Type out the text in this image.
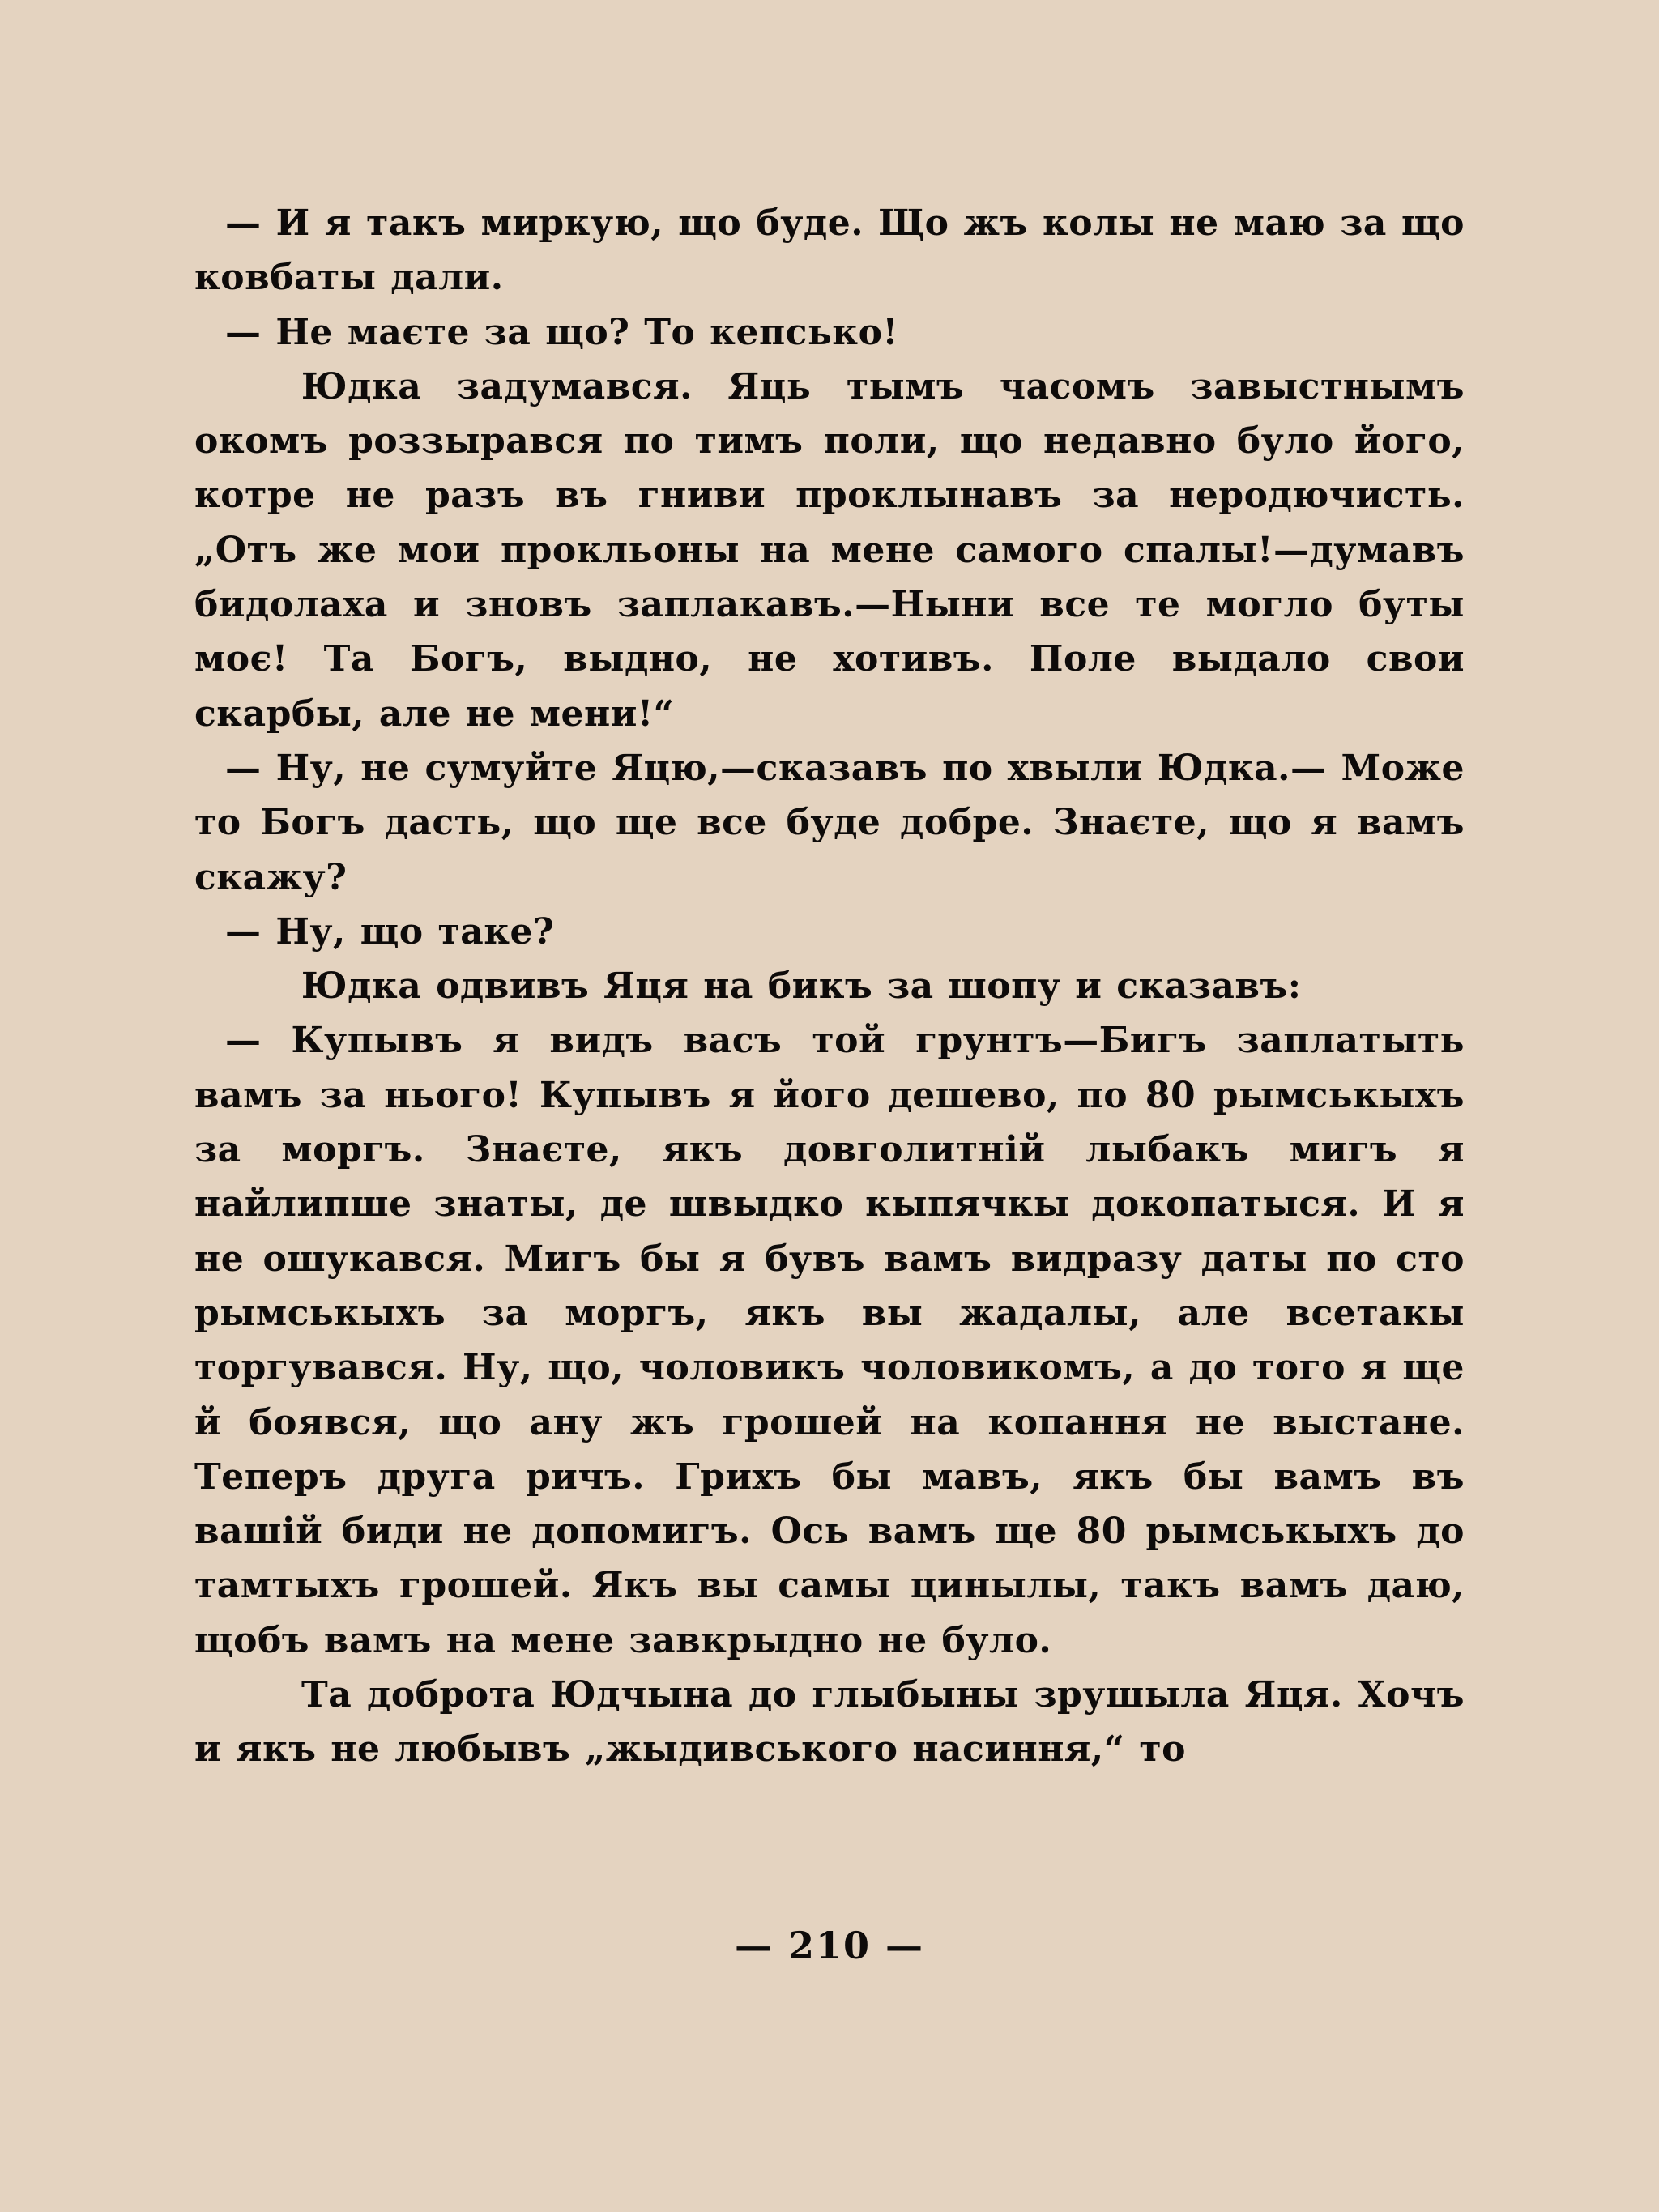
— И я такъ миркую, що буде. Що жъ колы не маю за що ковбаты дали.

— Не маєте за що? То кепсько!

Юдка задумався. Яць тымъ часомъ завыстнымъ окомъ роззырався по тимъ поли, що недавно було його, котре не разъ въ гниви проклынавъ за неродючисть. „Отъ же мои прокльоны на мене самого спалы!—думавъ бидолаха и зновъ заплакавъ.—Ныни все те могло буты моє! Та Богъ, выдно, не хотивъ. Поле выдало свои скарбы, але не мени!“

— Ну, не сумуйте Яцю,—сказавъ по хвыли Юдка.— Може то Богъ дасть, що ще все буде добре. Знаєте, що я вамъ скажу?

— Ну, що таке?

Юдка одвивъ Яця на бикъ за шопу и сказавъ:

— Купывъ я видъ васъ той грунтъ—Бигъ заплатыть вамъ за нього! Купывъ я його дешево, по 80 рымськыхъ за моргъ. Знаєте, якъ довголитній лыбакъ мигъ я найлипше знаты, де швыдко кыпячкы докопатыся. И я не ошукався. Мигъ бы я бувъ вамъ видразу даты по сто рымськыхъ за моргъ, якъ вы жадалы, але всетакы торгувався. Ну, що, чоловикъ чоловикомъ, а до того я ще й боявся, що ану жъ грошей на копання не выстане. Теперъ друга ричъ. Грихъ бы мавъ, якъ бы вамъ въ вашій биди не допомигъ. Ось вамъ ще 80 рымськыхъ до тамтыхъ грошей. Якъ вы самы цинылы, такъ вамъ даю, щобъ вамъ на мене завкрыдно не було.

Та доброта Юдчына до глыбыны зрушыла Яця. Хочъ и якъ не любывъ „жыдивського насиння,“ то

— 210 —
